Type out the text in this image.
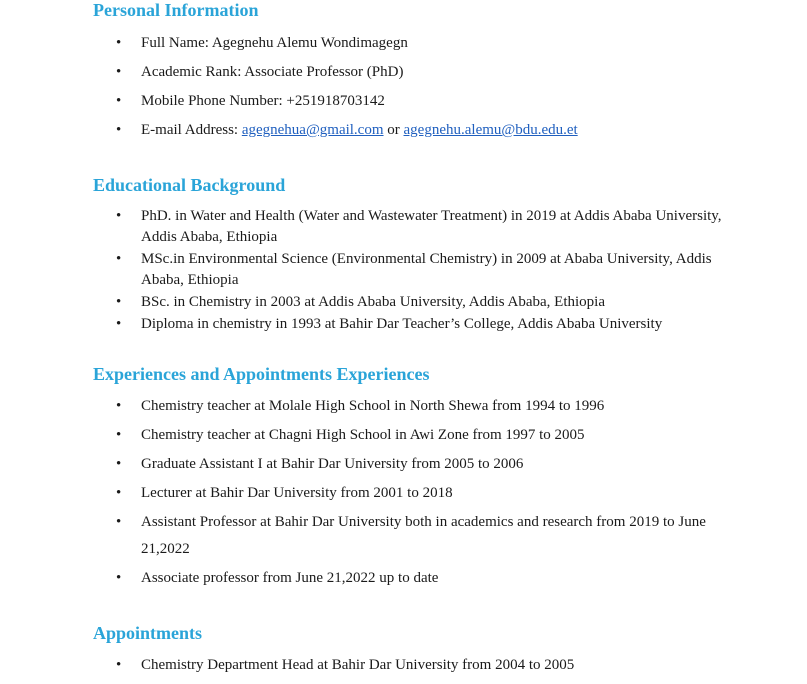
Personal Information
• Full Name: Agegnehu Alemu Wondimagegn
• Academic Rank: Associate Professor (PhD)
• Mobile Phone Number: +251918703142
• E-mail Address: agegnehua@gmail.com or agegnehu.alemu@bdu.edu.et
Educational Background
• PhD. in Water and Health (Water and Wastewater Treatment) in 2019 at Addis Ababa University, Addis Ababa, Ethiopia
• MSc.in Environmental Science (Environmental Chemistry) in 2009 at Ababa University, Addis Ababa, Ethiopia
• BSc. in Chemistry in 2003 at Addis Ababa University, Addis Ababa, Ethiopia
• Diploma in chemistry in 1993 at Bahir Dar Teacher’s College, Addis Ababa University
Experiences and Appointments Experiences
• Chemistry teacher at Molale High School in North Shewa from 1994 to 1996
• Chemistry teacher at Chagni High School in Awi Zone from 1997 to 2005
• Graduate Assistant I at Bahir Dar University from 2005 to 2006
• Lecturer at Bahir Dar University from 2001 to 2018
• Assistant Professor at Bahir Dar University both in academics and research from 2019 to June 21,2022
• Associate professor from June 21,2022 up to date
Appointments
• Chemistry Department Head at Bahir Dar University from 2004 to 2005
